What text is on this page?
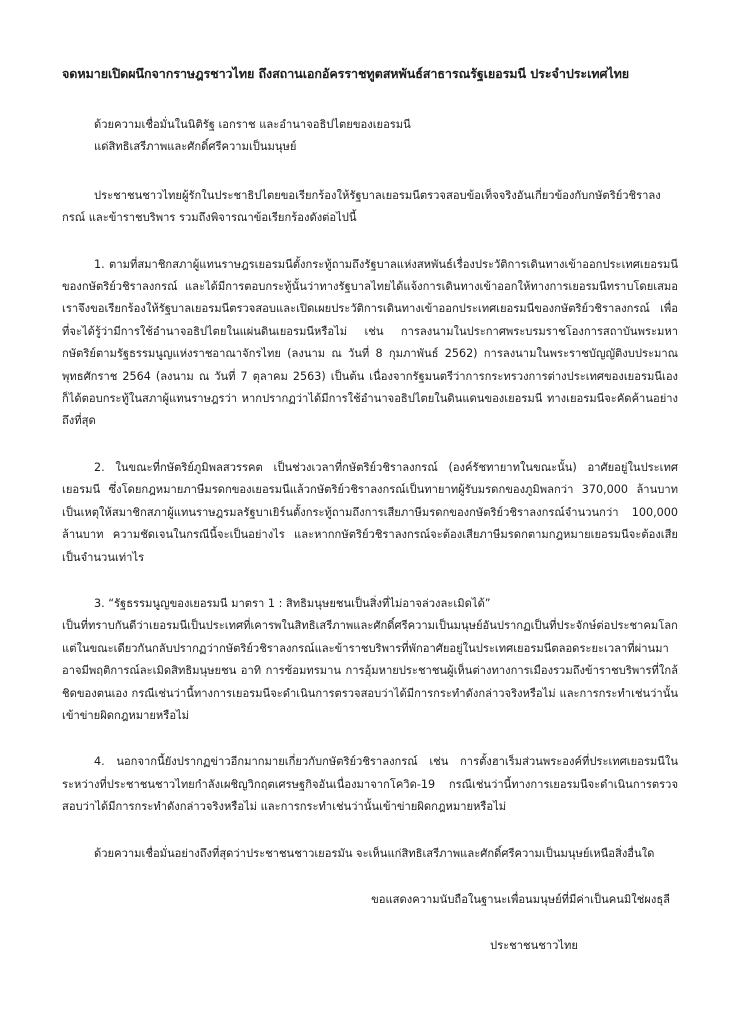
จดหมายเปิดผนึกจากราษฎรชาวไทย ถึงสถานเอกอัครราชทูตสหพันธ์สาธารณรัฐเยอรมนี ประจำประเทศไทย

ด้วยความเชื่อมั่นในนิติรัฐ เอกราช และอำนาจอธิปไตยของเยอรมนี

แด่สิทธิเสรีภาพและศักดิ์ศรีความเป็นมนุษย์

ประชาชนชาวไทยผู้รักในประชาธิปไตยขอเรียกร้องให้รัฐบาลเยอรมนีตรวจสอบข้อเท็จจริงอันเกี่ยวข้องกับกษัตริย์วชิราลงกรณ์ และข้าราชบริพาร รวมถึงพิจารณาข้อเรียกร้องดังต่อไปนี้

1. ตามที่สมาชิกสภาผู้แทนราษฎรเยอรมนีตั้งกระทู้ถามถึงรัฐบาลแห่งสหพันธ์เรื่องประวัติการเดินทางเข้าออกประเทศเยอรมนีของกษัตริย์วชิราลงกรณ์ และได้มีการตอบกระทู้นั้นว่าทางรัฐบาลไทยได้แจ้งการเดินทางเข้าออกให้ทางการเยอรมนีทราบโดยเสมอ เราจึงขอเรียกร้องให้รัฐบาลเยอรมนีตรวจสอบและเปิดเผยประวัติการเดินทางเข้าออกประเทศเยอรมนีของกษัตริย์วชิราลงกรณ์ เพื่อที่จะได้รู้ว่ามีการใช้อำนาจอธิปไตยในแผ่นดินเยอรมนีหรือไม่ เช่น การลงนามในประกาศพระบรมราชโองการสถาบันพระมหากษัตริย์ตามรัฐธรรมนูญแห่งราชอาณาจักรไทย (ลงนาม ณ วันที่ 8 กุมภาพันธ์ 2562) การลงนามในพระราชบัญญัติงบประมาณ พุทธศักราช 2564 (ลงนาม ณ วันที่ 7 ตุลาคม 2563) เป็นต้น เนื่องจากรัฐมนตรีว่าการกระทรวงการต่างประเทศของเยอรมนีเองก็ได้ตอบกระทู้ในสภาผู้แทนราษฎรว่า หากปรากฏว่าได้มีการใช้อำนาจอธิปไตยในดินแดนของเยอรมนี ทางเยอรมนีจะคัดค้านอย่างถึงที่สุด

2. ในขณะที่กษัตริย์ภูมิพลสวรรคต เป็นช่วงเวลาที่กษัตริย์วชิราลงกรณ์ (องค์รัชทายาทในขณะนั้น) อาศัยอยู่ในประเทศเยอรมนี ซึ่งโดยกฎหมายภาษีมรดกของเยอรมนีแล้วกษัตริย์วชิราลงกรณ์เป็นทายาทผู้รับมรดกของภูมิพลกว่า 370,000 ล้านบาท เป็นเหตุให้สมาชิกสภาผู้แทนราษฎรมลรัฐบาเยิร์นตั้งกระทู้ถามถึงการเสียภาษีมรดกของกษัตริย์วชิราลงกรณ์จำนวนกว่า 100,000 ล้านบาท ความชัดเจนในกรณีนี้จะเป็นอย่างไร และหากกษัตริย์วชิราลงกรณ์จะต้องเสียภาษีมรดกตามกฎหมายเยอรมนีจะต้องเสียเป็นจำนวนเท่าไร

3. “รัฐธรรมนูญของเยอรมนี มาตรา 1 : สิทธิมนุษยชนเป็นสิ่งที่ไม่อาจล่วงละเมิดได้”

เป็นที่ทราบกันดีว่าเยอรมนีเป็นประเทศที่เคารพในสิทธิเสรีภาพและศักดิ์ศรีความเป็นมนุษย์อันปรากฏเป็นที่ประจักษ์ต่อประชาคมโลก แต่ในขณะเดียวกันกลับปรากฏว่ากษัตริย์วชิราลงกรณ์และข้าราชบริพารที่พักอาศัยอยู่ในประเทศเยอรมนีตลอดระยะเวลาที่ผ่านมาอาจมีพฤติการณ์ละเมิดสิทธิมนุษยชน อาทิ การซ้อมทรมาน การอุ้มหายประชาชนผู้เห็นต่างทางการเมืองรวมถึงข้าราชบริพารที่ใกล้ชิดของตนเอง กรณีเช่นว่านี้ทางการเยอรมนีจะดำเนินการตรวจสอบว่าได้มีการกระทำดังกล่าวจริงหรือไม่ และการกระทำเช่นว่านั้นเข้าข่ายผิดกฎหมายหรือไม่

4. นอกจากนี้ยังปรากฏข่าวอีกมากมายเกี่ยวกับกษัตริย์วชิราลงกรณ์ เช่น การตั้งฮาเร็มส่วนพระองค์ที่ประเทศเยอรมนีในระหว่างที่ประชาชนชาวไทยกำลังเผชิญวิกฤตเศรษฐกิจอันเนื่องมาจากโควิด-19 กรณีเช่นว่านี้ทางการเยอรมนีจะดำเนินการตรวจสอบว่าได้มีการกระทำดังกล่าวจริงหรือไม่ และการกระทำเช่นว่านั้นเข้าข่ายผิดกฎหมายหรือไม่

ด้วยความเชื่อมั่นอย่างถึงที่สุดว่าประชาชนชาวเยอรมัน จะเห็นแก่สิทธิเสรีภาพและศักดิ์ศรีความเป็นมนุษย์เหนือสิ่งอื่นใด

ขอแสดงความนับถือในฐานะเพื่อนมนุษย์ที่มีค่าเป็นคนมิใช่ผงธุลี

ประชาชนชาวไทย
